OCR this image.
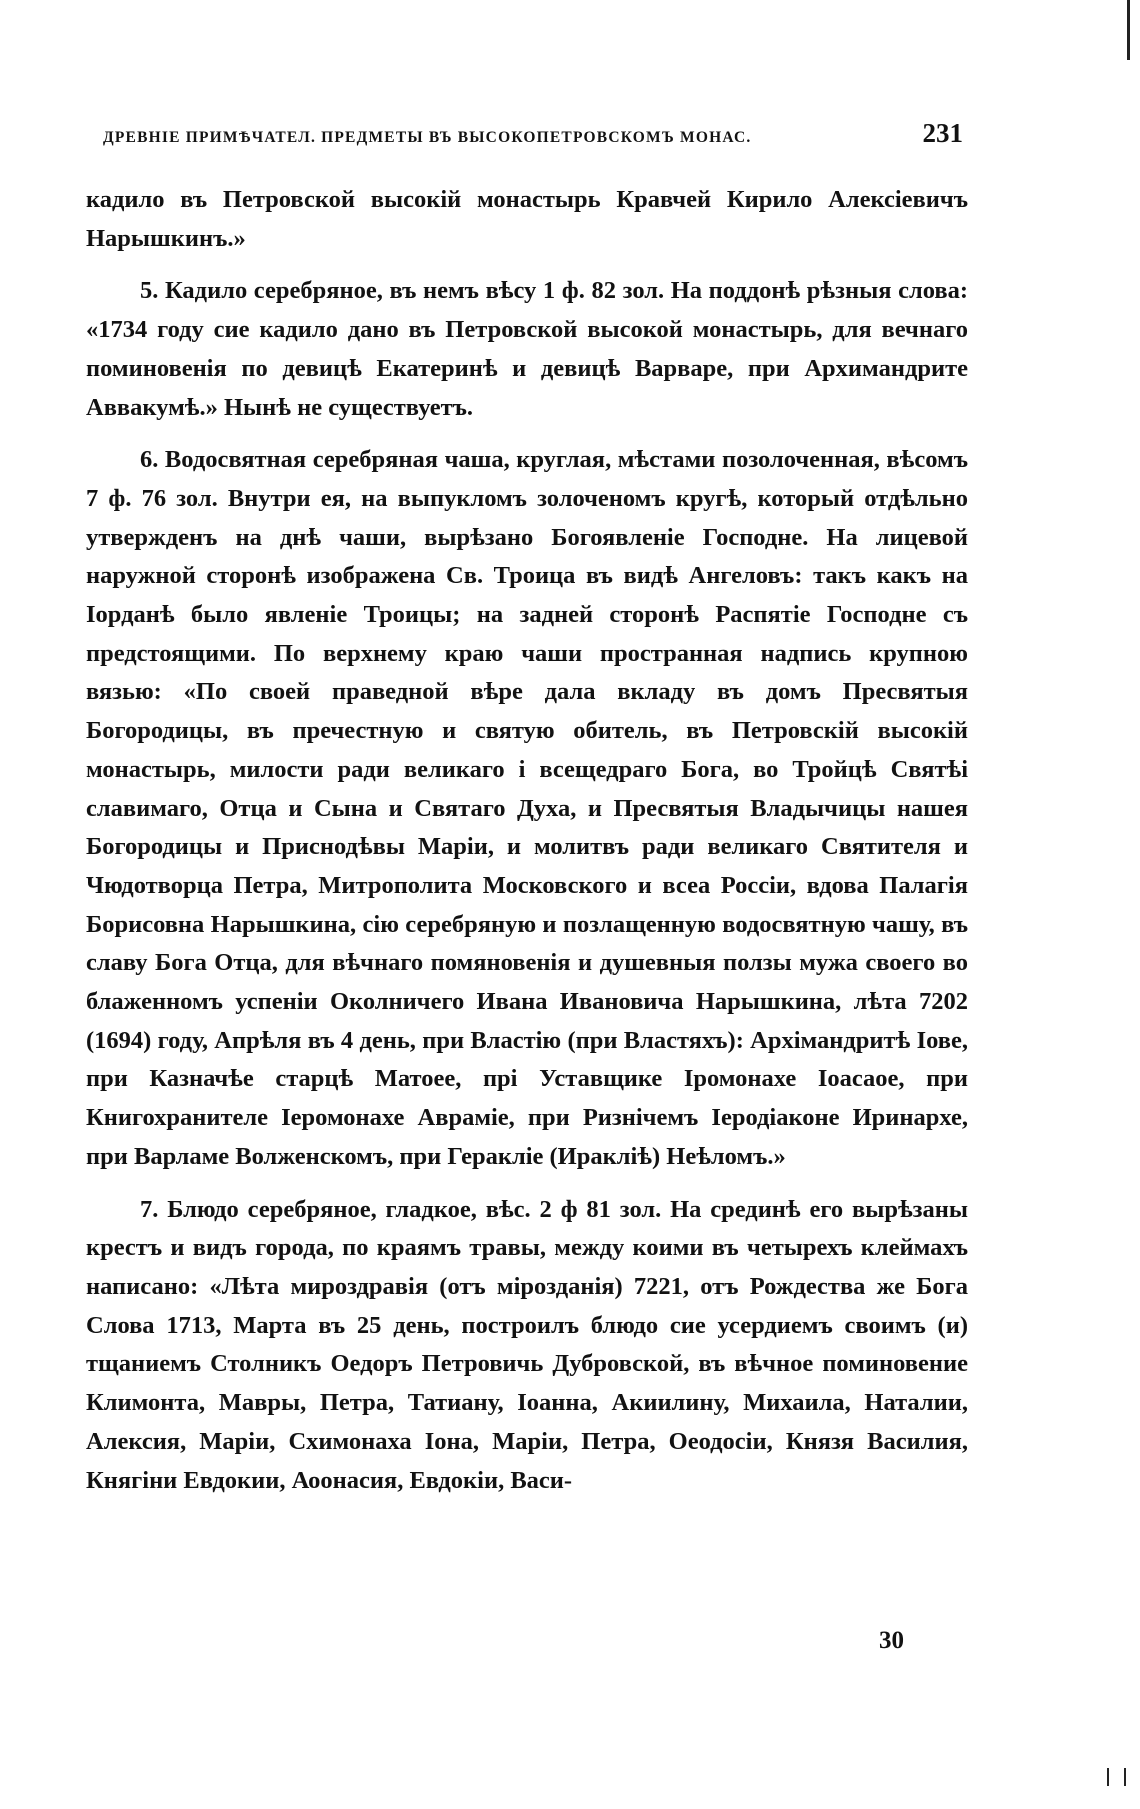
ДРЕВНІЕ ПРИМѢЧАТЕЛ. ПРЕДМЕТЫ ВЪ ВЫСОКОПЕТРОВСКОМЪ МОНАС.	231

кадило въ Петровской высокій монастырь Кравчей Кирило Алексіевичъ Нарышкинъ.»

5. Кадило серебряное, въ немъ вѣсу 1 ф. 82 зол. На поддонѣ рѣзныя слова: «1734 году сие кадило дано въ Петровской высокой монастырь, для вечнаго поминовенія по девицѣ Екатеринѣ и девицѣ Варваре, при Архимандрите Аввакумѣ.» Нынѣ не существуетъ.

6. Водосвятная серебряная чаша, круглая, мѣстами позолоченная, вѣсомъ 7 ф. 76 зол. Внутри ея, на выпукломъ золоченомъ кругѣ, который отдѣльно утвержденъ на днѣ чаши, вырѣзано Богоявленіе Господне. На лицевой наружной сторонѣ изображена Св. Троица въ видѣ Ангеловъ: такъ какъ на Іорданѣ было явленіе Троицы; на задней сторонѣ Распятіе Господне съ предстоящими. По верхнему краю чаши пространная надпись крупною вязью: «По своей праведной вѣре дала вкладу въ домъ Пресвятыя Богородицы, въ пречестную и святую обитель, въ Петровскій высокій монастырь, милости ради великаго і всещедраго Бога, во Тройцѣ Святѣі славимаго, Отца и Сына и Святаго Духа, и Пресвятыя Владычицы нашея Богородицы и Приснодѣвы Маріи, и молитвъ ради великаго Святителя и Чюдотворца Петра, Митрополита Московского и всеа Россіи, вдова Палагія Борисовна Нарышкина, сію серебряную и позлащенную водосвятную чашу, въ славу Бога Отца, для вѣчнаго помяновенія и душевныя ползы мужа своего во блаженномъ успеніи Околничего Ивана Ивановича Нарышкина, лѣта 7202 (1694) году, Апрѣля въ 4 день, при Властію (при Властяхъ): Архімандритѣ Іове, при Казначѣе старцѣ Матоее, прі Уставщике Іромонахе Іоасаое, при Книгохранителе Іеромонахе Авраміе, при Ризнічемъ Іеродіаконе Иринархе, при Варламе Волженскомъ, при Геракліе (Иракліѣ) Неѣломъ.»

7. Блюдо серебряное, гладкое, вѣс. 2 ф 81 зол. На срединѣ его вырѣзаны крестъ и видъ города, по краямъ травы, между коими въ четырехъ клеймахъ написано: «Лѣта мироздравія (отъ мірозданія) 7221, отъ Рождества же Бога Слова 1713, Марта въ 25 день, построилъ блюдо сие усердиемъ своимъ (и) тщаниемъ Столникъ Оедоръ Петровичь Дубровской, въ вѣчное поминовение Климонта, Мавры, Петра, Татиану, Іоанна, Акиилину, Михаила, Наталии, Алексия, Маріи, Схимонаха Іона, Маріи, Петра, Оеодосіи, Князя Василия, Княгіни Евдокии, Аоонасия, Евдокіи, Васи-

30
